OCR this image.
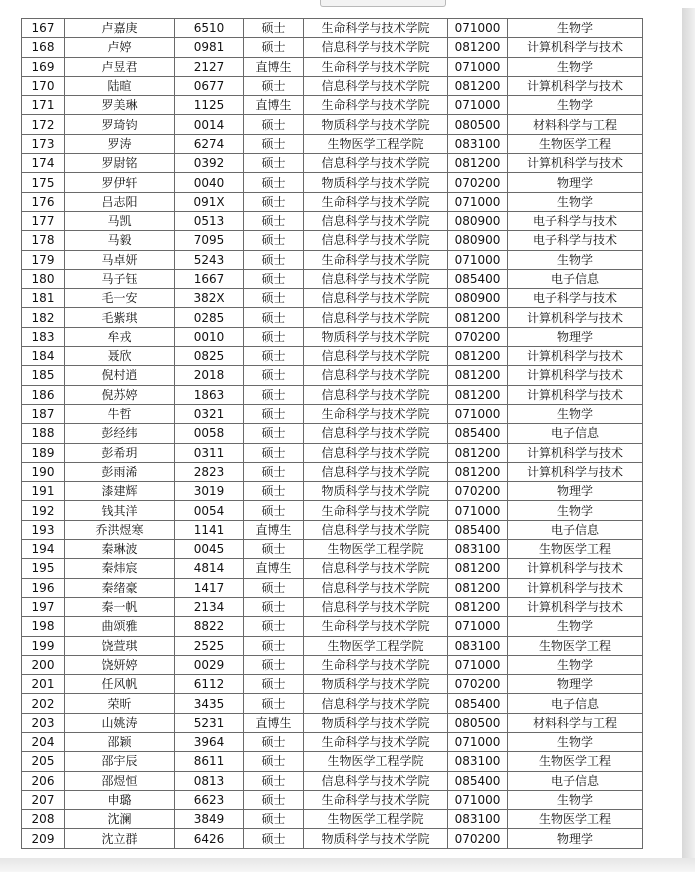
167	卢嘉庚	6510	硕士	生命科学与技术学院	071000	生物学
168	卢婷	0981	硕士	信息科学与技术学院	081200	计算机科学与技术
169	卢昱君	2127	直博生	生命科学与技术学院	071000	生物学
170	陆暄	0677	硕士	信息科学与技术学院	081200	计算机科学与技术
171	罗美琳	1125	直博生	生命科学与技术学院	071000	生物学
172	罗琦钧	0014	硕士	物质科学与技术学院	080500	材料科学与工程
173	罗涛	6274	硕士	生物医学工程学院	083100	生物医学工程
174	罗尉铭	0392	硕士	信息科学与技术学院	081200	计算机科学与技术
175	罗伊轩	0040	硕士	物质科学与技术学院	070200	物理学
176	吕志阳	091X	硕士	生命科学与技术学院	071000	生物学
177	马凯	0513	硕士	信息科学与技术学院	080900	电子科学与技术
178	马毅	7095	硕士	信息科学与技术学院	080900	电子科学与技术
179	马卓妍	5243	硕士	生命科学与技术学院	071000	生物学
180	马子钰	1667	硕士	信息科学与技术学院	085400	电子信息
181	毛一安	382X	硕士	信息科学与技术学院	080900	电子科学与技术
182	毛紫琪	0285	硕士	信息科学与技术学院	081200	计算机科学与技术
183	牟戎	0010	硕士	物质科学与技术学院	070200	物理学
184	聂欣	0825	硕士	信息科学与技术学院	081200	计算机科学与技术
185	倪村逍	2018	硕士	信息科学与技术学院	081200	计算机科学与技术
186	倪苏婷	1863	硕士	信息科学与技术学院	081200	计算机科学与技术
187	牛哲	0321	硕士	生命科学与技术学院	071000	生物学
188	彭经纬	0058	硕士	信息科学与技术学院	085400	电子信息
189	彭希玥	0311	硕士	信息科学与技术学院	081200	计算机科学与技术
190	彭雨浠	2823	硕士	信息科学与技术学院	081200	计算机科学与技术
191	漆建辉	3019	硕士	物质科学与技术学院	070200	物理学
192	钱其洋	0054	硕士	生命科学与技术学院	071000	生物学
193	乔洪煜寒	1141	直博生	信息科学与技术学院	085400	电子信息
194	秦琳波	0045	硕士	生物医学工程学院	083100	生物医学工程
195	秦炜宸	4814	直博生	信息科学与技术学院	081200	计算机科学与技术
196	秦绪豪	1417	硕士	信息科学与技术学院	081200	计算机科学与技术
197	秦一帆	2134	硕士	信息科学与技术学院	081200	计算机科学与技术
198	曲颂雅	8822	硕士	生命科学与技术学院	071000	生物学
199	饶萱琪	2525	硕士	生物医学工程学院	083100	生物医学工程
200	饶妍婷	0029	硕士	生命科学与技术学院	071000	生物学
201	任风帆	6112	硕士	物质科学与技术学院	070200	物理学
202	荣昕	3435	硕士	信息科学与技术学院	085400	电子信息
203	山姚涛	5231	直博生	物质科学与技术学院	080500	材料科学与工程
204	邵颖	3964	硕士	生命科学与技术学院	071000	生物学
205	邵宇辰	8611	硕士	生物医学工程学院	083100	生物医学工程
206	邵煜恒	0813	硕士	信息科学与技术学院	085400	电子信息
207	申璐	6623	硕士	生命科学与技术学院	071000	生物学
208	沈澜	3849	硕士	生物医学工程学院	083100	生物医学工程
209	沈立群	6426	硕士	物质科学与技术学院	070200	物理学
